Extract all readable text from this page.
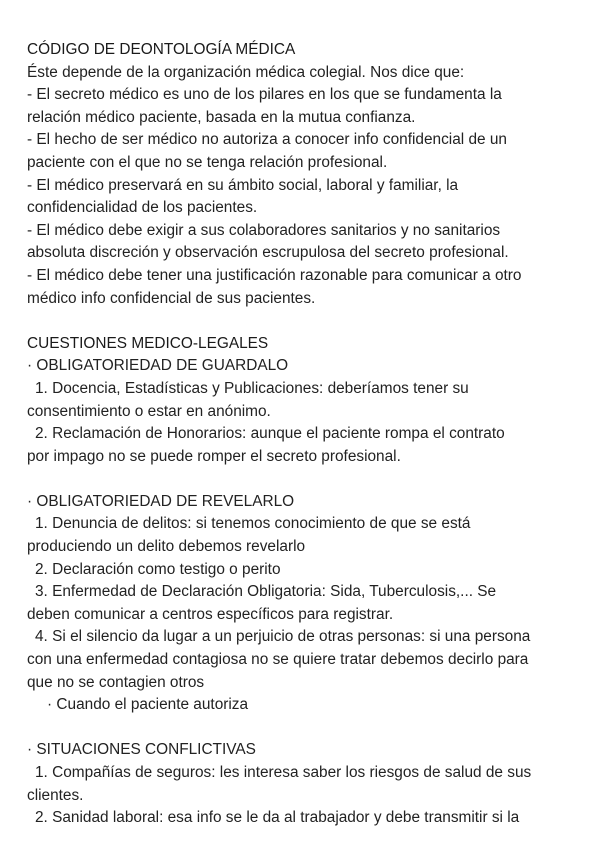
CÓDIGO DE DEONTOLOGÍA MÉDICA
Éste depende de la organización médica colegial. Nos dice que:
- El secreto médico es uno de los pilares en los que se fundamenta la
relación médico paciente, basada en la mutua confianza.
- El hecho de ser médico no autoriza a conocer info confidencial de un
paciente con el que no se tenga relación profesional.
- El médico preservará en su ámbito social, laboral y familiar, la
confidencialidad de los pacientes.
- El médico debe exigir a sus colaboradores sanitarios y no sanitarios
absoluta discreción y observación escrupulosa del secreto profesional.
- El médico debe tener una justificación razonable para comunicar a otro
médico info confidencial de sus pacientes.
CUESTIONES MEDICO-LEGALES
· OBLIGATORIEDAD DE GUARDALO
1. Docencia, Estadísticas y Publicaciones: deberíamos tener su
consentimiento o estar en anónimo.
2. Reclamación de Honorarios: aunque el paciente rompa el contrato
por impago no se puede romper el secreto profesional.
· OBLIGATORIEDAD DE REVELARLO
1. Denuncia de delitos: si tenemos conocimiento de que se está
produciendo un delito debemos revelarlo
2. Declaración como testigo o perito
3. Enfermedad de Declaración Obligatoria: Sida, Tuberculosis,... Se
deben comunicar a centros específicos para registrar.
4. Si el silencio da lugar a un perjuicio de otras personas: si una persona
con una enfermedad contagiosa no se quiere tratar debemos decirlo para
que no se contagien otros
· Cuando el paciente autoriza
· SITUACIONES CONFLICTIVAS
1. Compañías de seguros: les interesa saber los riesgos de salud de sus
clientes.
2. Sanidad laboral: esa info se le da al trabajador y debe transmitir si la
